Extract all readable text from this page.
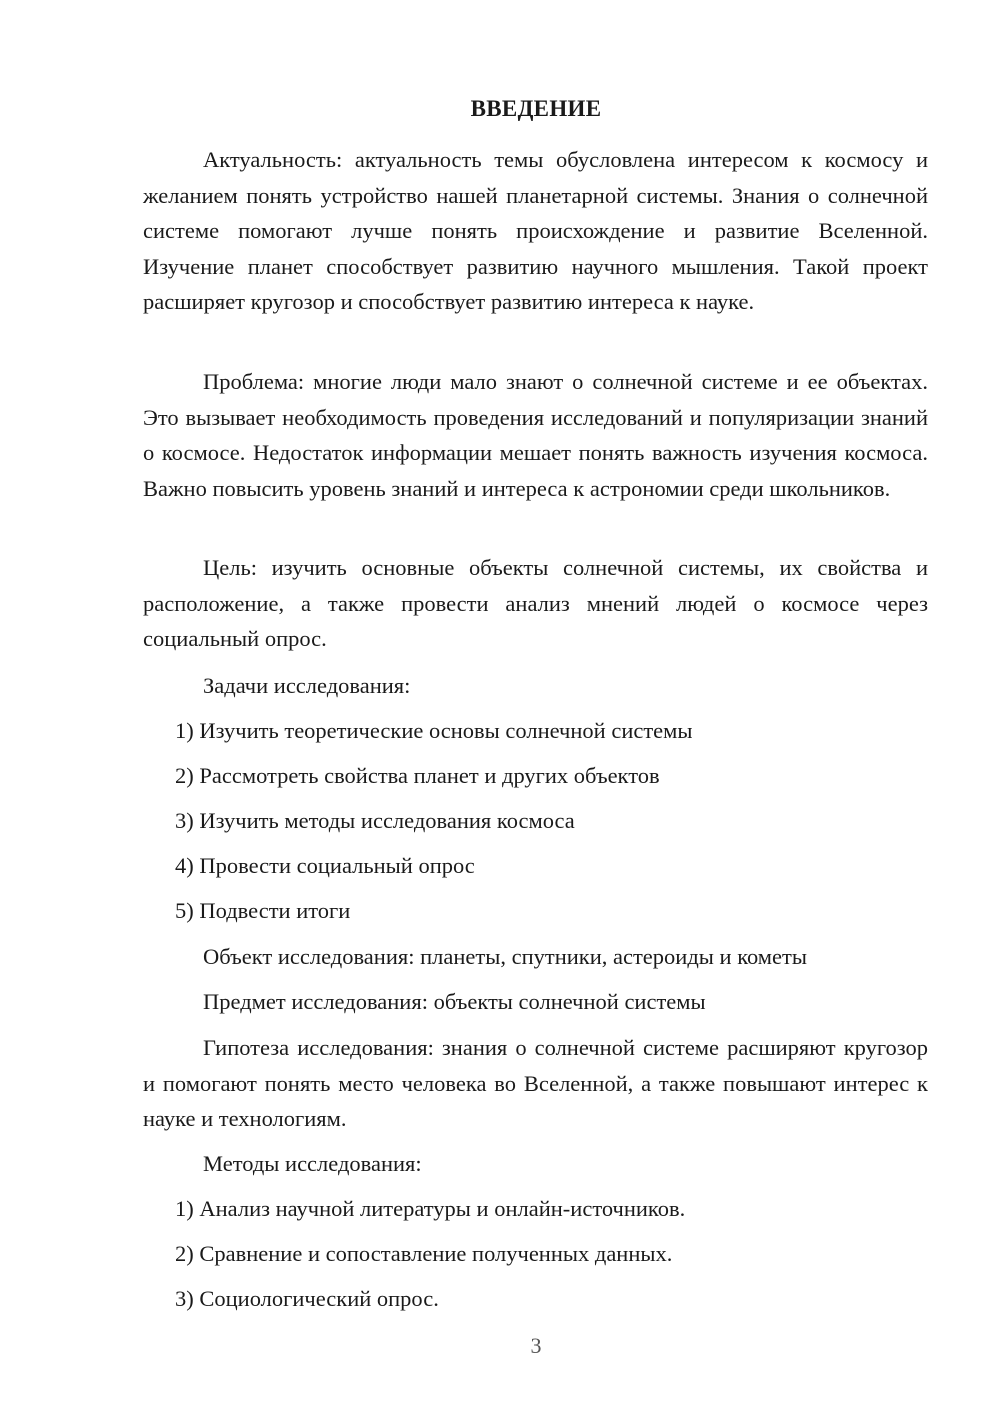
ВВЕДЕНИЕ

Актуальность: актуальность темы обусловлена интересом к космосу и желанием понять устройство нашей планетарной системы. Знания о солнечной системе помогают лучше понять происхождение и развитие Вселенной. Изучение планет способствует развитию научного мышления. Такой проект расширяет кругозор и способствует развитию интереса к науке.

Проблема: многие люди мало знают о солнечной системе и ее объектах. Это вызывает необходимость проведения исследований и популяризации знаний о космосе. Недостаток информации мешает понять важность изучения космоса. Важно повысить уровень знаний и интереса к астрономии среди школьников.

Цель: изучить основные объекты солнечной системы, их свойства и расположение, а также провести анализ мнений людей о космосе через социальный опрос.

Задачи исследования:

1) Изучить теоретические основы солнечной системы

2) Рассмотреть свойства планет и других объектов

3) Изучить методы исследования космоса

4) Провести социальный опрос

5) Подвести итоги

Объект исследования: планеты, спутники, астероиды и кометы

Предмет исследования: объекты солнечной системы

Гипотеза исследования: знания о солнечной системе расширяют кругозор и помогают понять место человека во Вселенной, а также повышают интерес к науке и технологиям.

Методы исследования:

1) Анализ научной литературы и онлайн-источников.

2) Сравнение и сопоставление полученных данных.

3) Социологический опрос.

3
